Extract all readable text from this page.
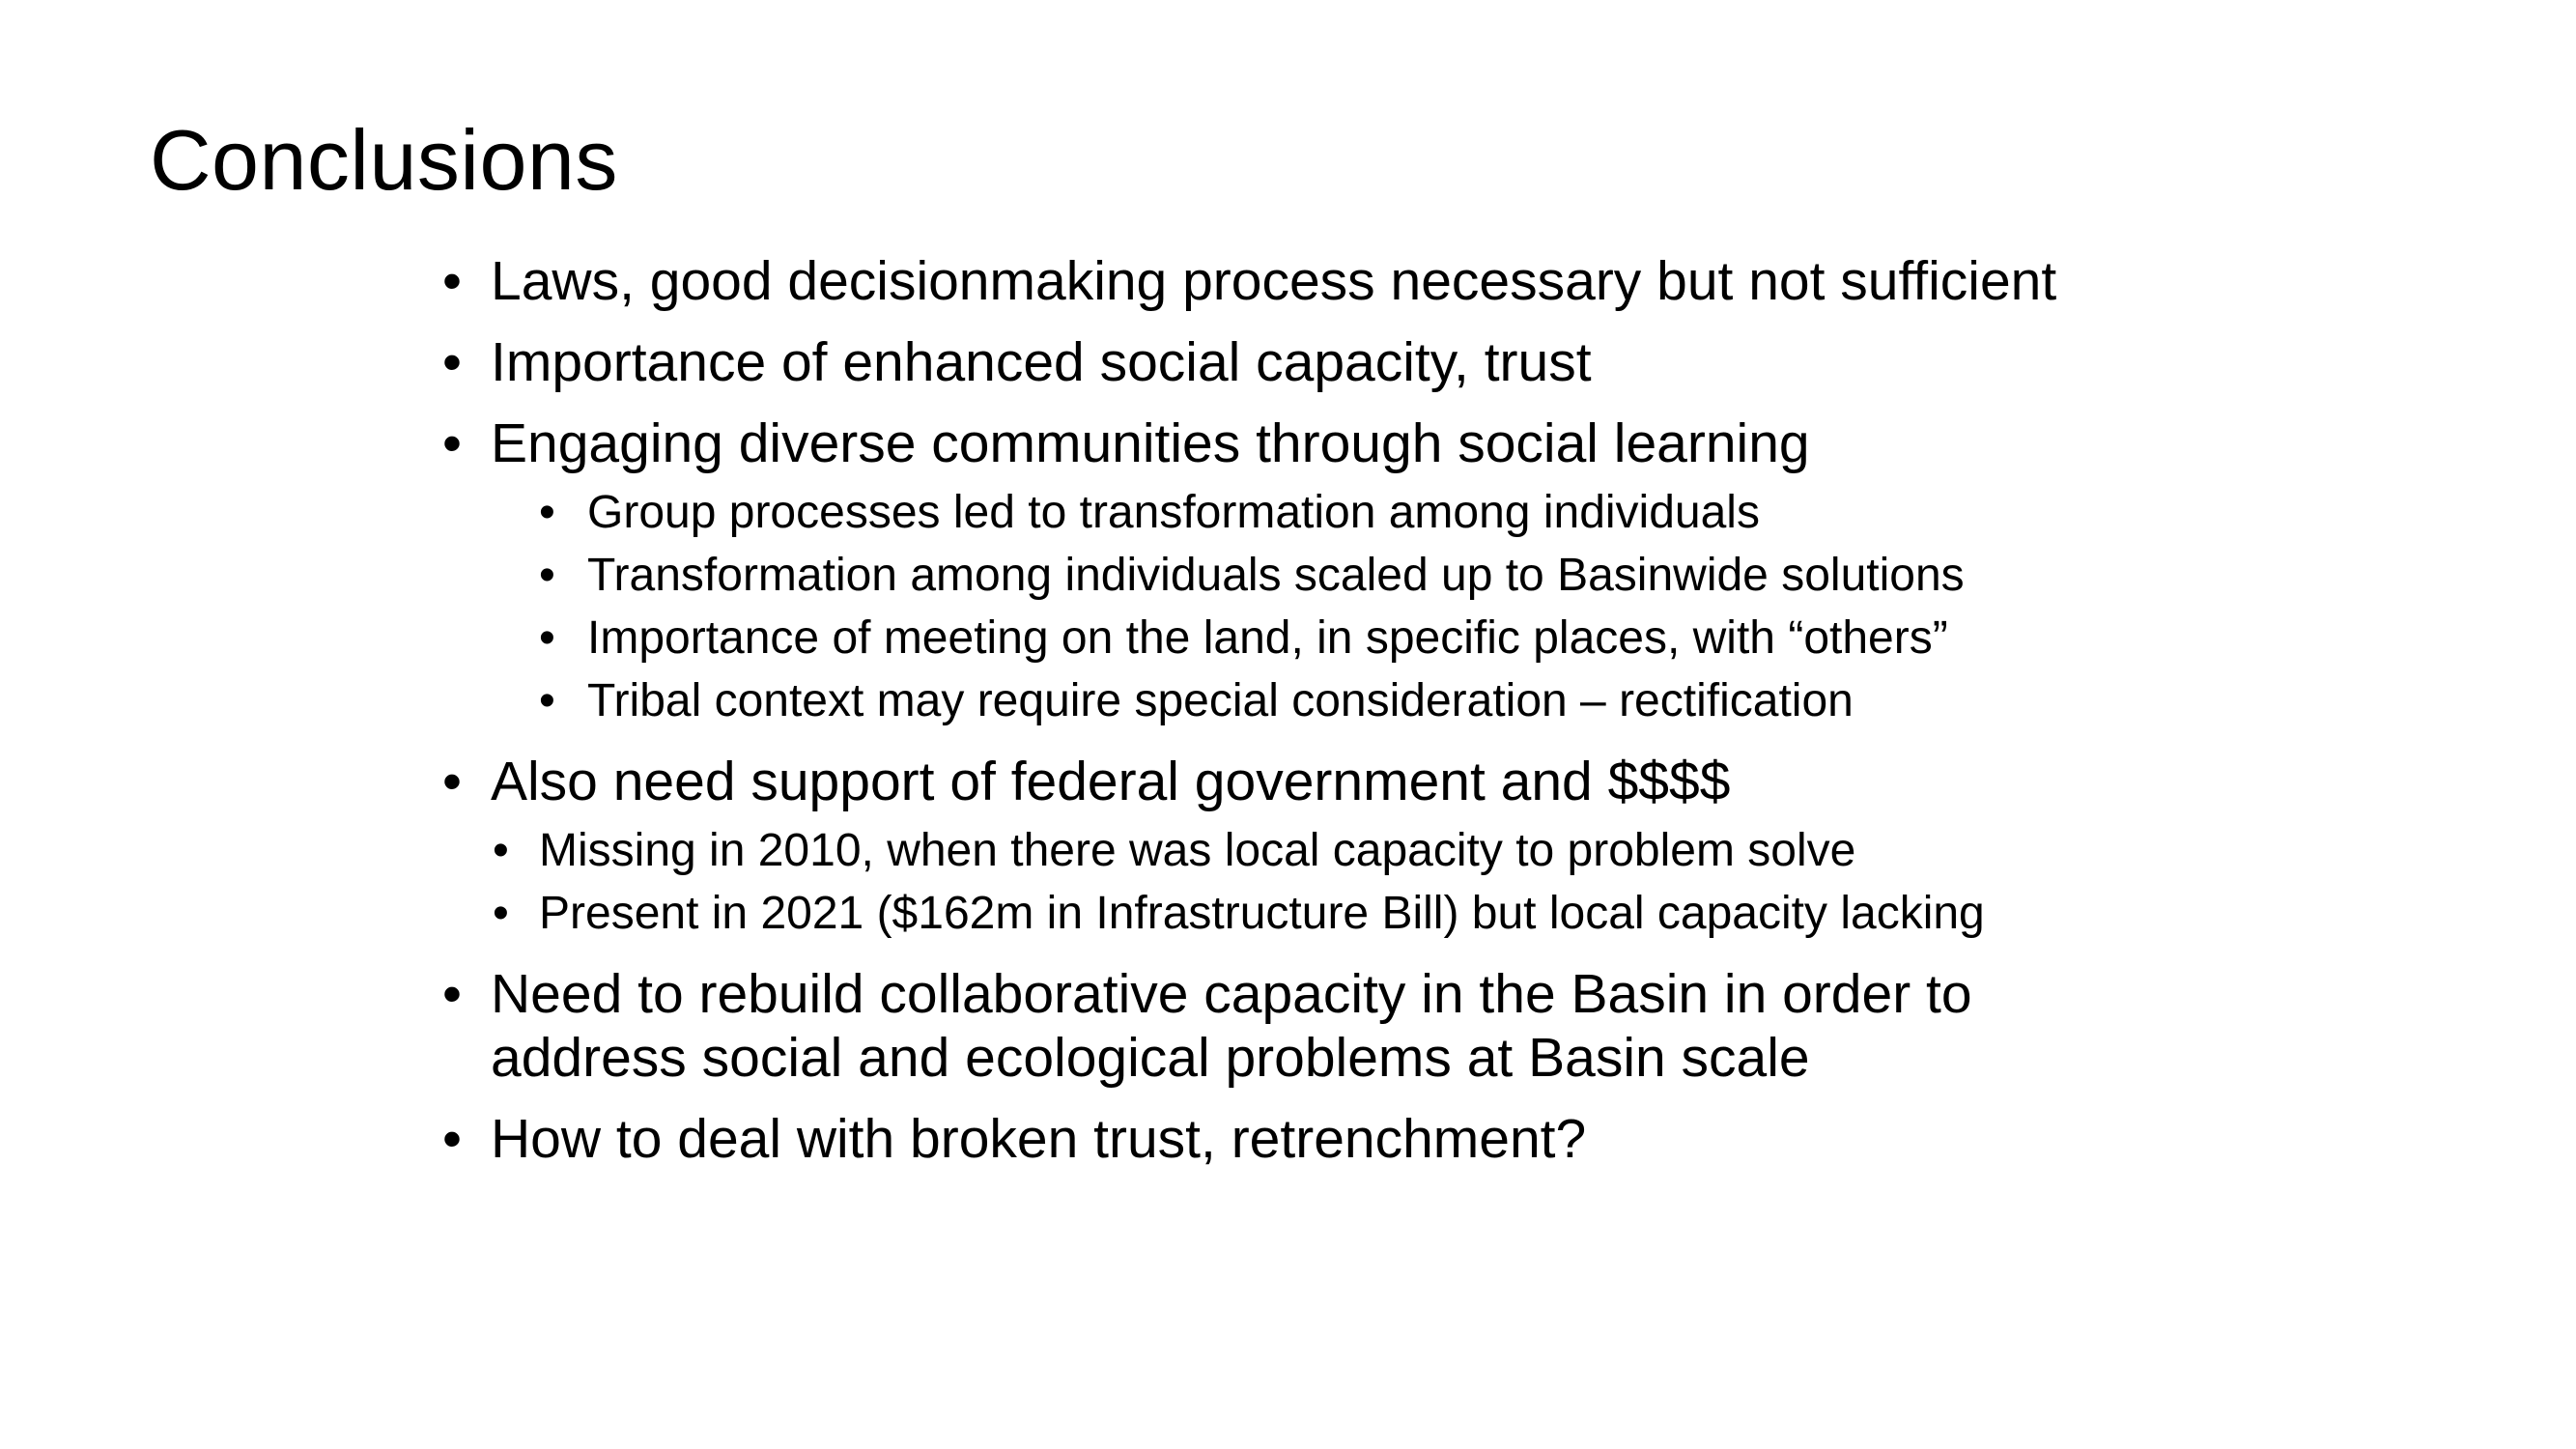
Conclusions

• Laws, good decisionmaking process necessary but not sufficient

• Importance of enhanced social capacity, trust

• Engaging diverse communities through social learning

• Group processes led to transformation among individuals

• Transformation among individuals scaled up to Basinwide solutions

• Importance of meeting on the land, in specific places, with “others”

• Tribal context may require special consideration – rectification

• Also need support of federal government and $$$$

• Missing in 2010, when there was local capacity to problem solve

• Present in 2021 ($162m in Infrastructure Bill) but local capacity lacking

• Need to rebuild collaborative capacity in the Basin in order to address social and ecological problems at Basin scale

• How to deal with broken trust, retrenchment?
